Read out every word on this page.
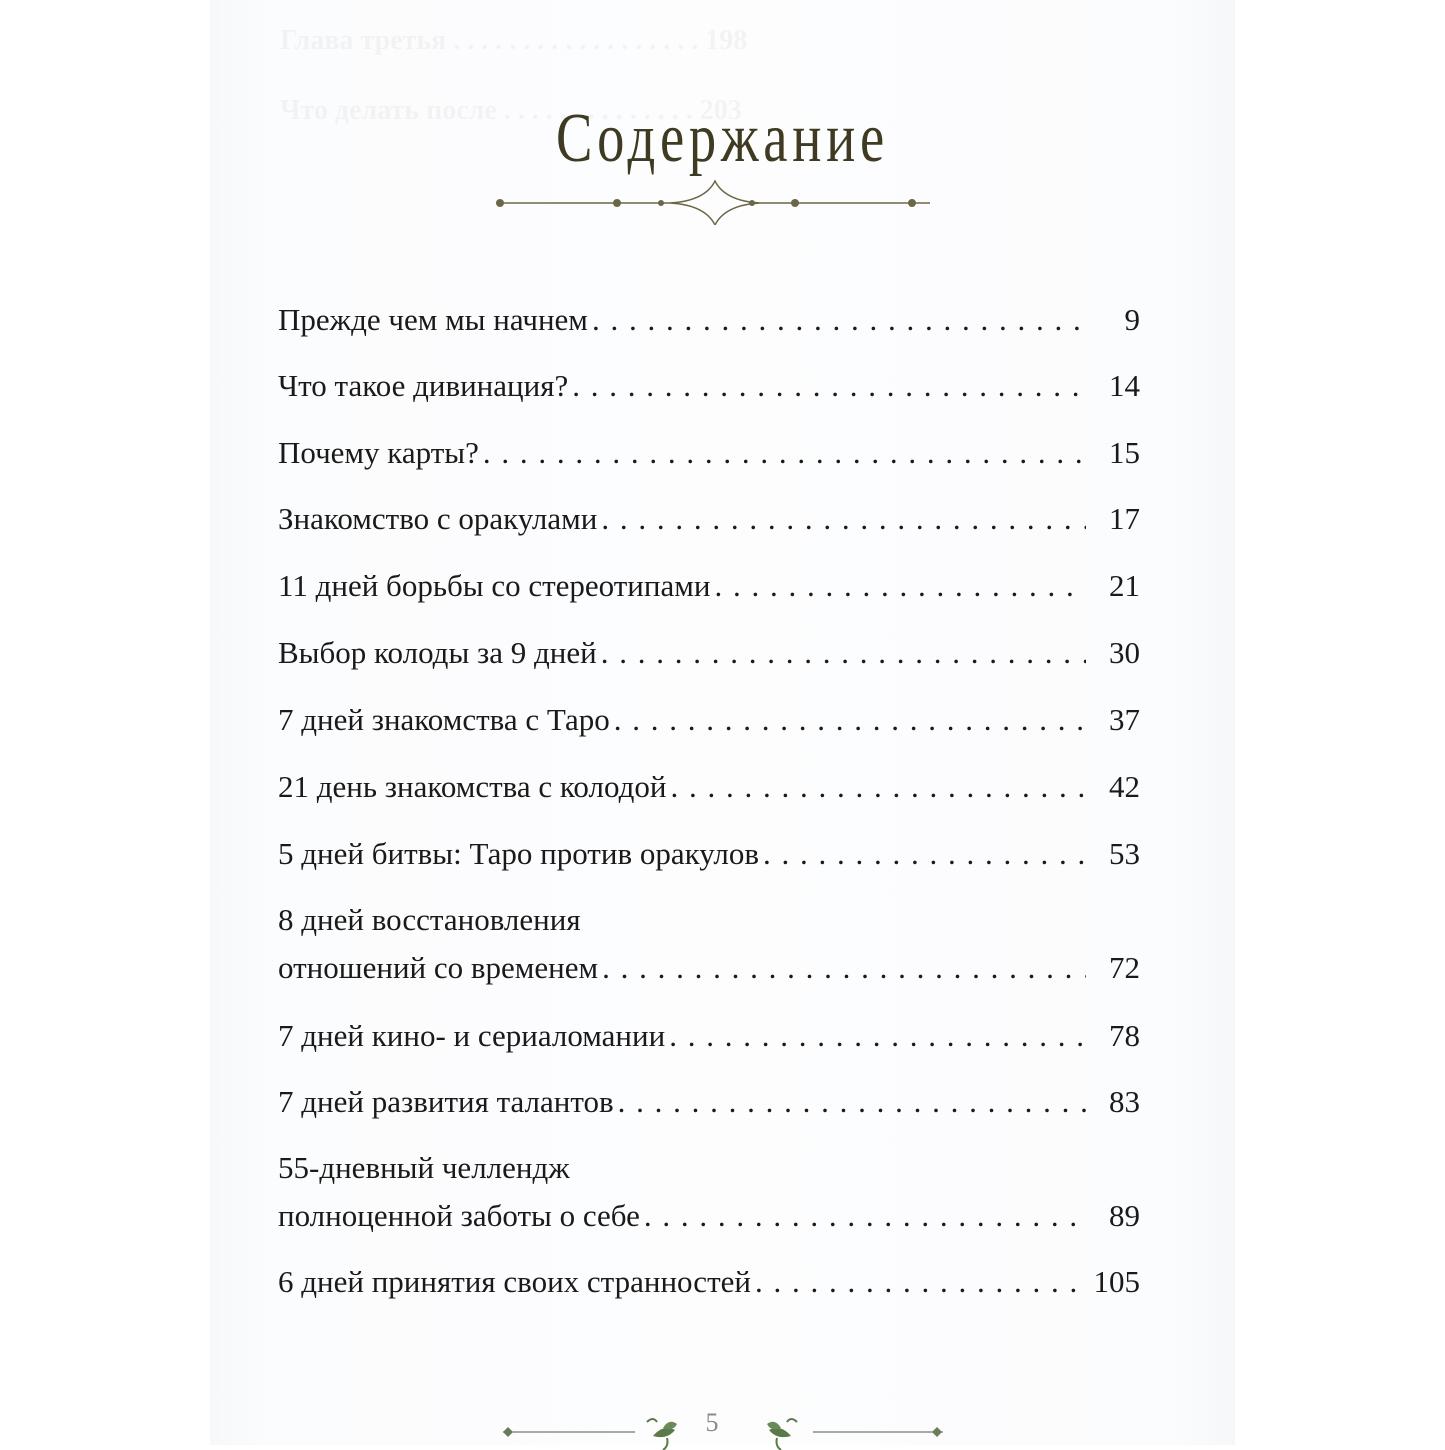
Содержание
Прежде чем мы начнем . . .	9
Что такое дивинация? . . .	14
Почему карты? . . .	15
Знакомство с оракулами . . .	17
11 дней борьбы со стереотипами . . .	21
Выбор колоды за 9 дней . . .	30
7 дней знакомства с Таро . . .	37
21 день знакомства с колодой . . .	42
5 дней битвы: Таро против оракулов . . .	53
8 дней восстановления
отношений со временем . . .	72
7 дней кино- и сериаломании . . .	78
7 дней развития талантов . . .	83
55-дневный челлендж
полноценной заботы о себе . . .	89
6 дней принятия своих странностей . . .	105
5
